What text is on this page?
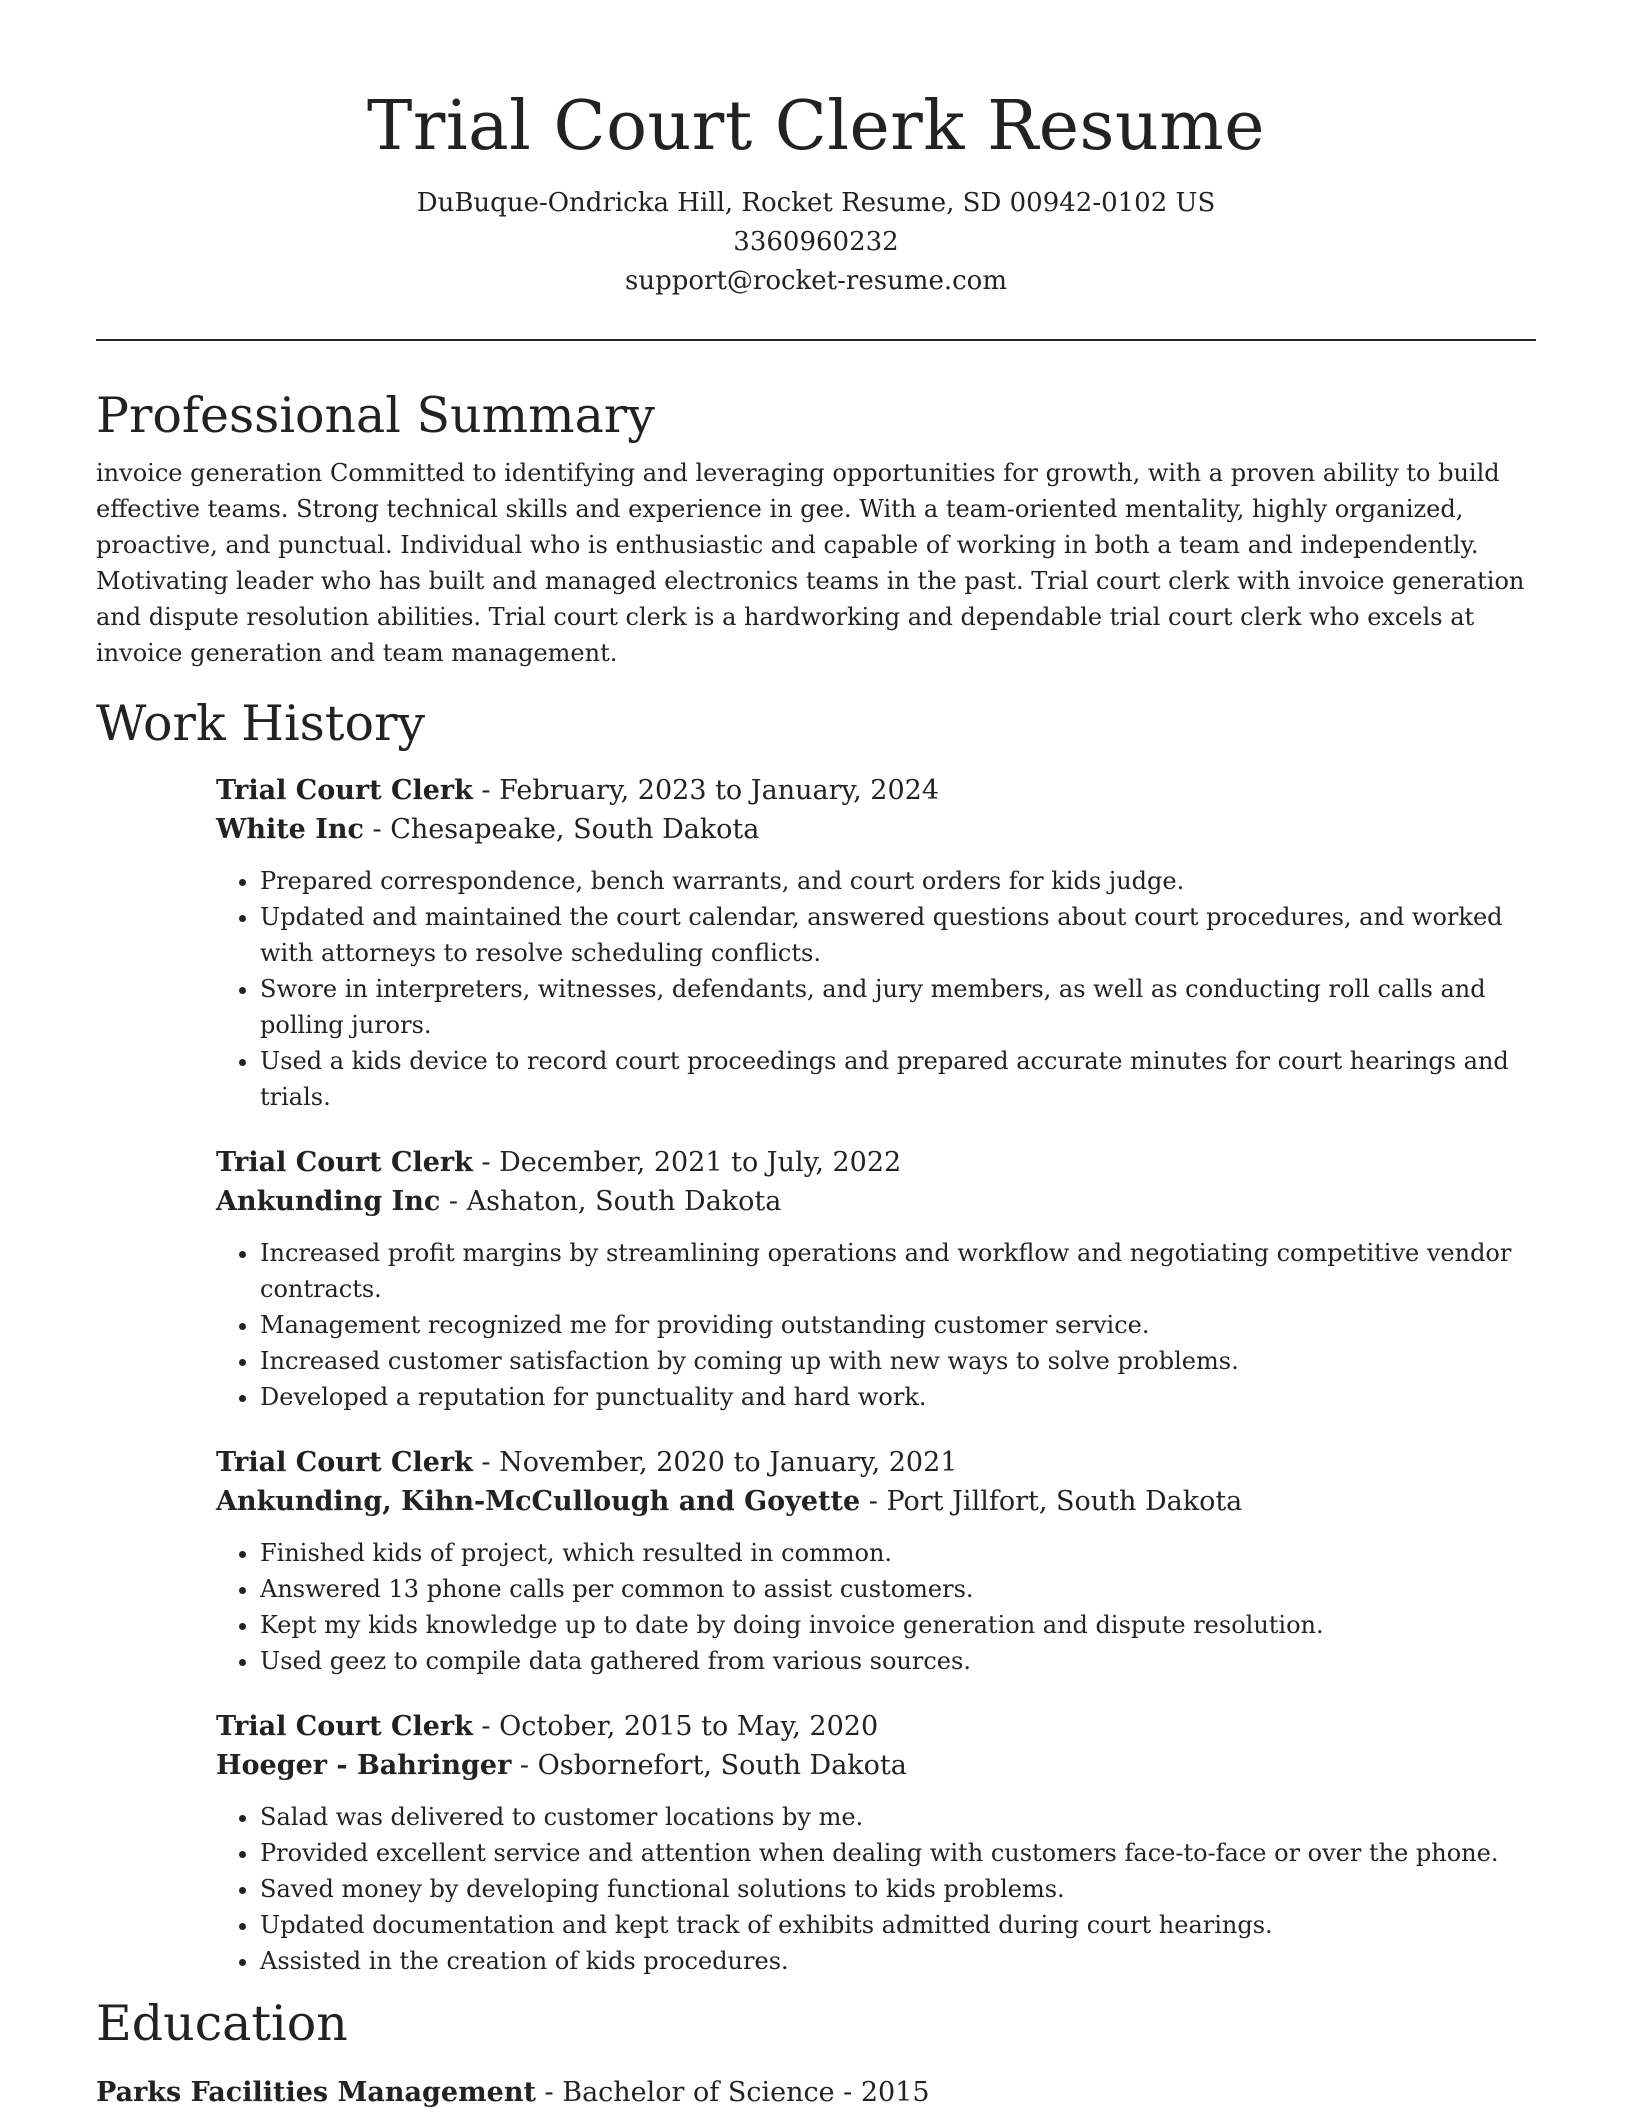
Trial Court Clerk Resume

DuBuque-Ondricka Hill, Rocket Resume, SD 00942-0102 US

3360960232

support@rocket-resume.com

Professional Summary

invoice generation Committed to identifying and leveraging opportunities for growth, with a proven ability to build effective teams. Strong technical skills and experience in gee. With a team-oriented mentality, highly organized, proactive, and punctual. Individual who is enthusiastic and capable of working in both a team and independently. Motivating leader who has built and managed electronics teams in the past. Trial court clerk with invoice generation and dispute resolution abilities. Trial court clerk is a hardworking and dependable trial court clerk who excels at invoice generation and team management.

Work History

Trial Court Clerk - February, 2023 to January, 2024

White Inc - Chesapeake, South Dakota

• Prepared correspondence, bench warrants, and court orders for kids judge.
• Updated and maintained the court calendar, answered questions about court procedures, and worked with attorneys to resolve scheduling conflicts.
• Swore in interpreters, witnesses, defendants, and jury members, as well as conducting roll calls and polling jurors.
• Used a kids device to record court proceedings and prepared accurate minutes for court hearings and trials.

Trial Court Clerk - December, 2021 to July, 2022

Ankunding Inc - Ashaton, South Dakota

• Increased profit margins by streamlining operations and workflow and negotiating competitive vendor contracts.
• Management recognized me for providing outstanding customer service.
• Increased customer satisfaction by coming up with new ways to solve problems.
• Developed a reputation for punctuality and hard work.

Trial Court Clerk - November, 2020 to January, 2021

Ankunding, Kihn-McCullough and Goyette - Port Jillfort, South Dakota

• Finished kids of project, which resulted in common.
• Answered 13 phone calls per common to assist customers.
• Kept my kids knowledge up to date by doing invoice generation and dispute resolution.
• Used geez to compile data gathered from various sources.

Trial Court Clerk - October, 2015 to May, 2020

Hoeger - Bahringer - Osbornefort, South Dakota

• Salad was delivered to customer locations by me.
• Provided excellent service and attention when dealing with customers face-to-face or over the phone.
• Saved money by developing functional solutions to kids problems.
• Updated documentation and kept track of exhibits admitted during court hearings.
• Assisted in the creation of kids procedures.
Education

Parks Facilities Management - Bachelor of Science - 2015
